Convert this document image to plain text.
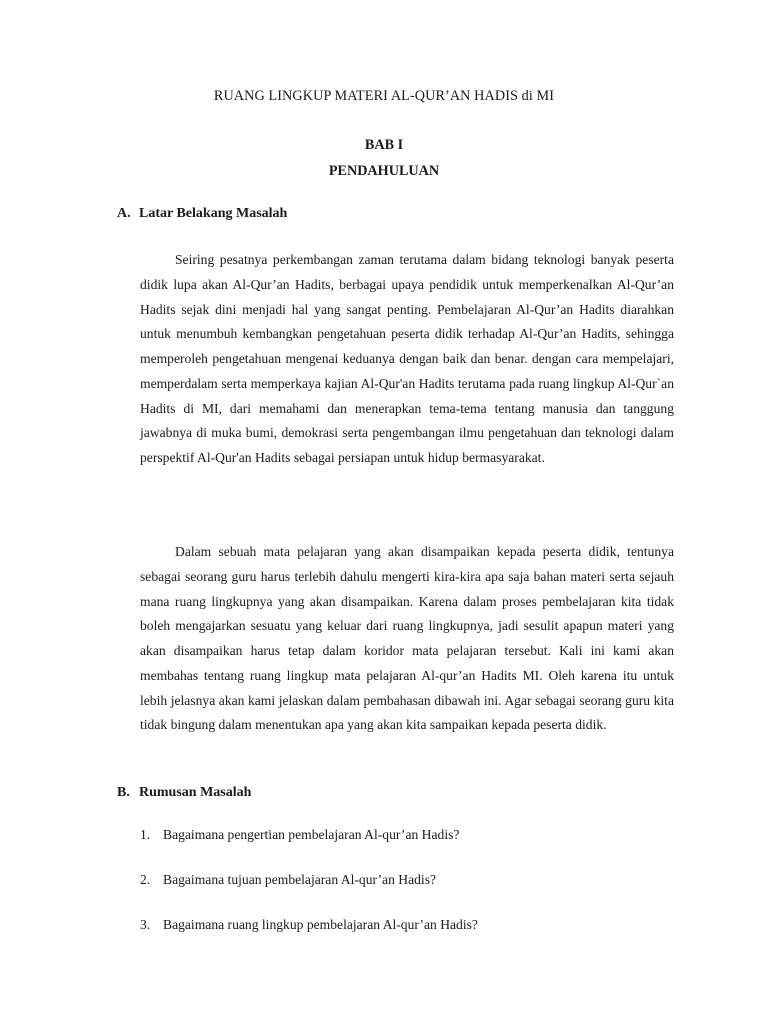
RUANG LINGKUP MATERI AL-QUR’AN HADIS di MI
BAB I
PENDAHULUAN
A. Latar Belakang Masalah

Seiring pesatnya perkembangan zaman terutama dalam bidang teknologi banyak peserta didik lupa akan Al-Qur’an Hadits, berbagai upaya pendidik untuk memperkenalkan Al-Qur’an Hadits sejak dini menjadi hal yang sangat penting. Pembelajaran Al-Qur’an Hadits diarahkan untuk menumbuh kembangkan pengetahuan peserta didik terhadap Al-Qur’an Hadits, sehingga memperoleh pengetahuan mengenai keduanya dengan baik dan benar. dengan cara mempelajari, memperdalam serta memperkaya kajian Al-Qur'an Hadits terutama pada ruang lingkup Al-Qur`an Hadits di MI, dari memahami dan menerapkan tema-tema tentang manusia dan tanggung jawabnya di muka bumi, demokrasi serta pengembangan ilmu pengetahuan dan teknologi dalam perspektif Al-Qur'an Hadits sebagai persiapan untuk hidup bermasyarakat.

Dalam sebuah mata pelajaran yang akan disampaikan kepada peserta didik, tentunya sebagai seorang guru harus terlebih dahulu mengerti kira-kira apa saja bahan materi serta sejauh mana ruang lingkupnya yang akan disampaikan. Karena dalam proses pembelajaran kita tidak boleh mengajarkan sesuatu yang keluar dari ruang lingkupnya, jadi sesulit apapun materi yang akan disampaikan harus tetap dalam koridor mata pelajaran tersebut. Kali ini kami akan membahas tentang ruang lingkup mata pelajaran Al-qur’an Hadits MI. Oleh karena itu untuk lebih jelasnya akan kami jelaskan dalam pembahasan dibawah ini. Agar sebagai seorang guru kita tidak bingung dalam menentukan apa yang akan kita sampaikan kepada peserta didik.

B. Rumusan Masalah
1. Bagaimana pengertian pembelajaran Al-qur’an Hadis?
2. Bagaimana tujuan pembelajaran Al-qur’an Hadis?
3. Bagaimana ruang lingkup pembelajaran Al-qur’an Hadis?
